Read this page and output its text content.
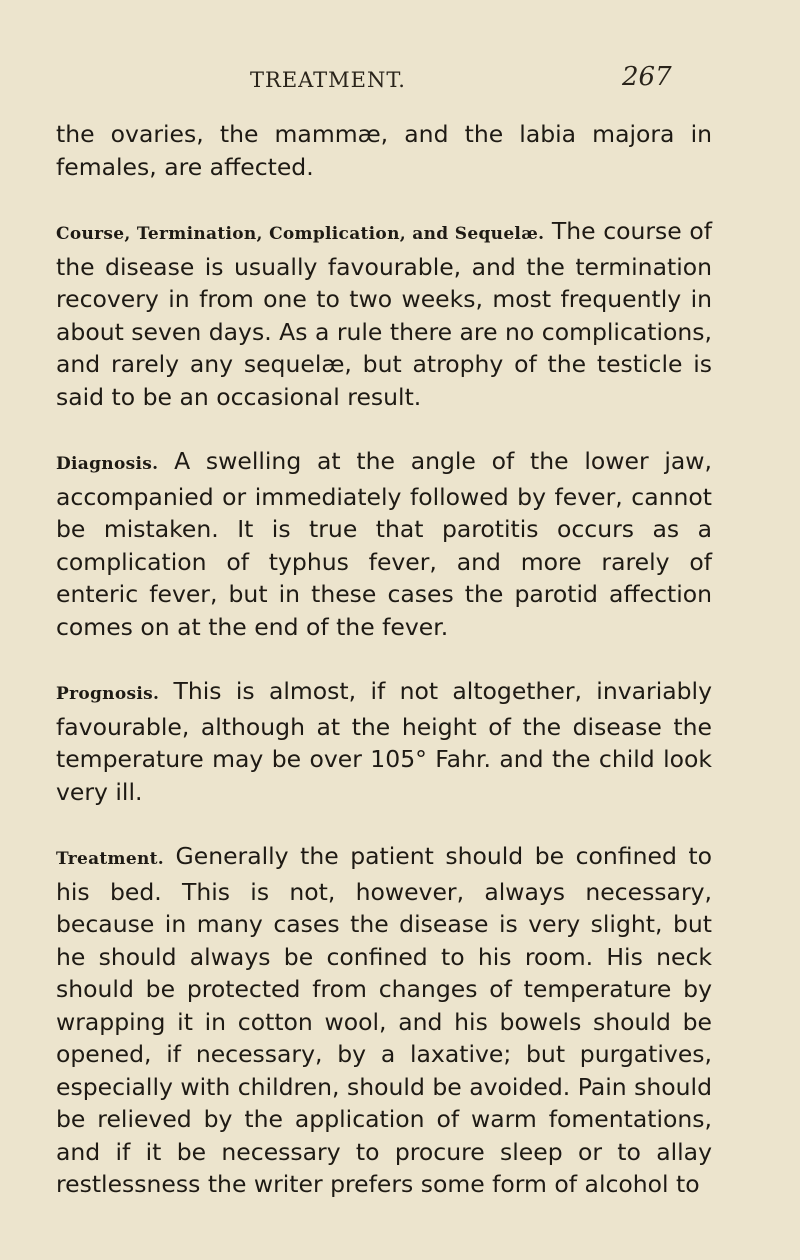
TREATMENT.	267

the ovaries, the mammæ, and the labia majora in females, are affected.

Course, Termination, Complication, and Sequelæ. The course of the disease is usually favourable, and the termination recovery in from one to two weeks, most frequently in about seven days. As a rule there are no complications, and rarely any sequelæ, but atrophy of the testicle is said to be an occasional result.

Diagnosis. A swelling at the angle of the lower jaw, accompanied or immediately followed by fever, cannot be mistaken. It is true that parotitis occurs as a complication of typhus fever, and more rarely of enteric fever, but in these cases the parotid affection comes on at the end of the fever.

Prognosis. This is almost, if not altogether, invariably favourable, although at the height of the disease the temperature may be over 105° Fahr. and the child look very ill.

Treatment. Generally the patient should be confined to his bed. This is not, however, always necessary, because in many cases the disease is very slight, but he should always be confined to his room. His neck should be protected from changes of temperature by wrapping it in cotton wool, and his bowels should be opened, if necessary, by a laxative; but purgatives, especially with children, should be avoided. Pain should be relieved by the application of warm fomentations, and if it be necessary to procure sleep or to allay restlessness the writer prefers some form of alcohol to
